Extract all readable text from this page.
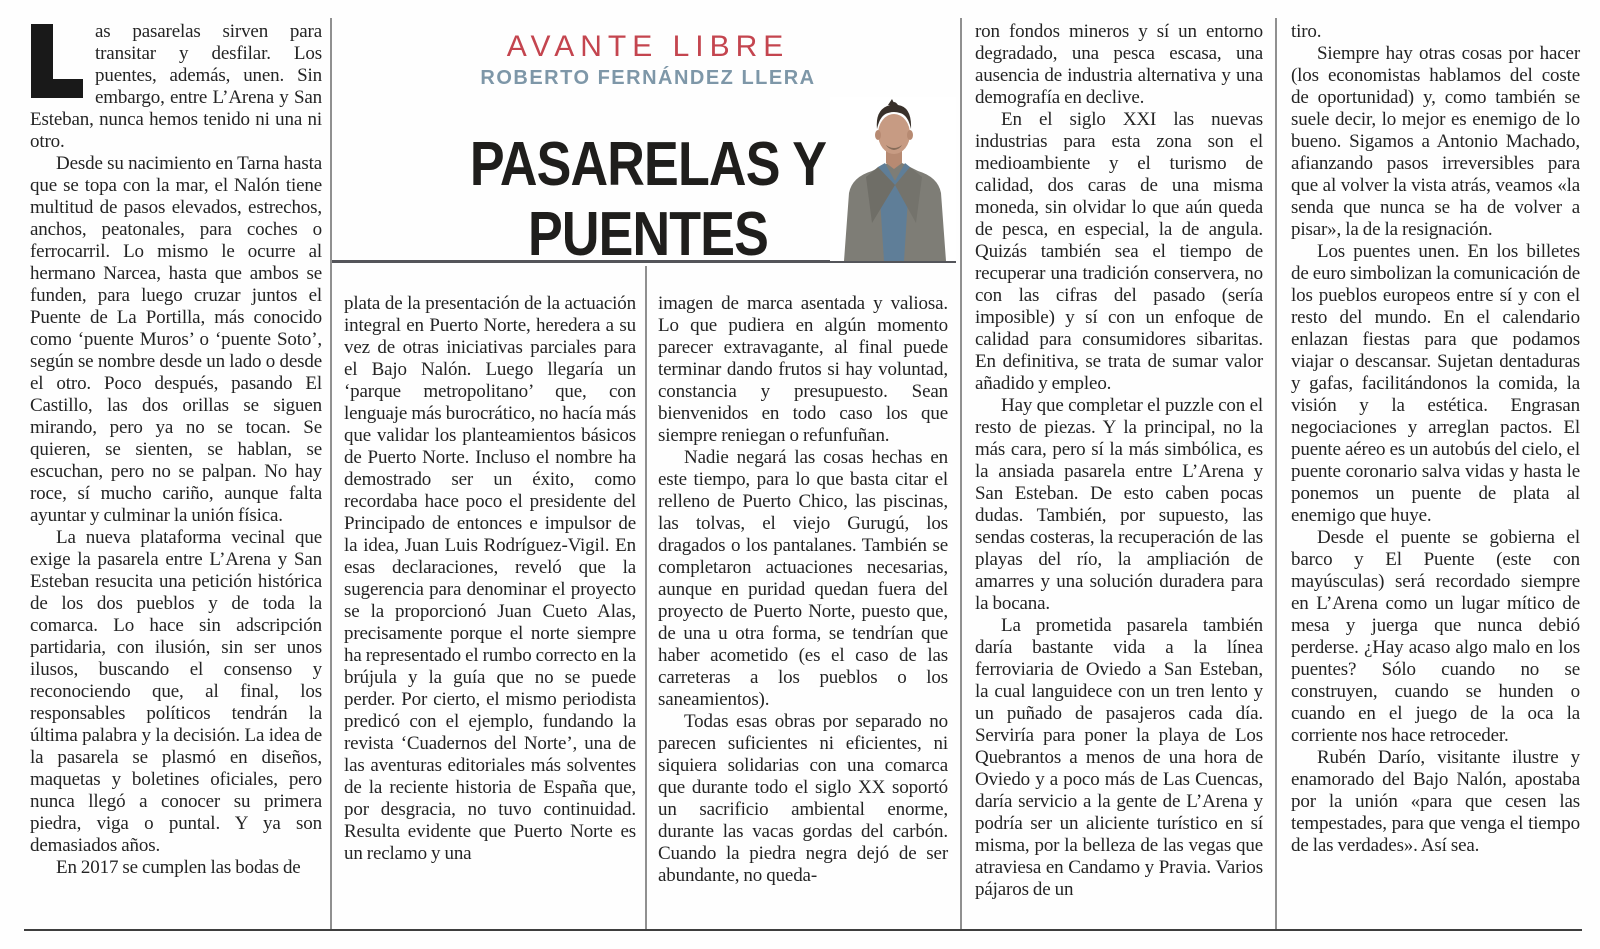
AVANTE LIBRE
ROBERTO FERNÁNDEZ LLERA
PASARELAS Y
PUENTES

as pasarelas sirven para transitar y desfilar. Los puentes, además, unen. Sin embargo, entre L’Arena y San Esteban, nunca hemos tenido ni una ni otro.

Desde su nacimiento en Tarna hasta que se topa con la mar, el Nalón tiene multitud de pasos elevados, estrechos, anchos, peatonales, para coches o ferrocarril. Lo mismo le ocurre al hermano Narcea, hasta que ambos se funden, para luego cruzar juntos el Puente de La Portilla, más conocido como ‘puente Muros’ o ‘puente Soto’, según se nombre desde un lado o desde el otro. Poco después, pasando El Castillo, las dos orillas se siguen mirando, pero ya no se tocan. Se quieren, se sienten, se hablan, se escuchan, pero no se palpan. No hay roce, sí mucho cariño, aunque falta ayuntar y culminar la unión física.

La nueva plataforma vecinal que exige la pasarela entre L’Arena y San Esteban resucita una petición histórica de los dos pueblos y de toda la comarca. Lo hace sin adscripción partidaria, con ilusión, sin ser unos ilusos, buscando el consenso y reconociendo que, al final, los responsables políticos tendrán la última palabra y la decisión. La idea de la pasarela se plasmó en diseños, maquetas y boletines oficiales, pero nunca llegó a conocer su primera piedra, viga o puntal. Y ya son demasiados años.

En 2017 se cumplen las bodas de

plata de la presentación de la actuación integral en Puerto Norte, heredera a su vez de otras iniciativas parciales para el Bajo Nalón. Luego llegaría un ‘parque metropolitano’ que, con lenguaje más burocrático, no hacía más que validar los planteamientos básicos de Puerto Norte. Incluso el nombre ha demostrado ser un éxito, como recordaba hace poco el presidente del Principado de entonces e impulsor de la idea, Juan Luis Rodríguez-Vigil. En esas declaraciones, reveló que la sugerencia para denominar el proyecto se la proporcionó Juan Cueto Alas, precisamente porque el norte siempre ha representado el rumbo correcto en la brújula y la guía que no se puede perder. Por cierto, el mismo periodista predicó con el ejemplo, fundando la revista ‘Cuadernos del Norte’, una de las aventuras editoriales más solventes de la reciente historia de España que, por desgracia, no tuvo continuidad. Resulta evidente que Puerto Norte es un reclamo y una

imagen de marca asentada y valiosa. Lo que pudiera en algún momento parecer extravagante, al final puede terminar dando frutos si hay voluntad, constancia y presupuesto. Sean bienvenidos en todo caso los que siempre reniegan o refunfuñan.

Nadie negará las cosas hechas en este tiempo, para lo que basta citar el relleno de Puerto Chico, las piscinas, las tolvas, el viejo Gurugú, los dragados o los pantalanes. También se completaron actuaciones necesarias, aunque en puridad quedan fuera del proyecto de Puerto Norte, puesto que, de una u otra forma, se tendrían que haber acometido (es el caso de las carreteras a los pueblos o los saneamientos).

Todas esas obras por separado no parecen suficientes ni eficientes, ni siquiera solidarias con una comarca que durante todo el siglo XX soportó un sacrificio ambiental enorme, durante las vacas gordas del carbón. Cuando la piedra negra dejó de ser abundante, no queda-

ron fondos mineros y sí un entorno degradado, una pesca escasa, una ausencia de industria alternativa y una demografía en declive.

En el siglo XXI las nuevas industrias para esta zona son el medioambiente y el turismo de calidad, dos caras de una misma moneda, sin olvidar lo que aún queda de pesca, en especial, la de angula. Quizás también sea el tiempo de recuperar una tradición conservera, no con las cifras del pasado (sería imposible) y sí con un enfoque de calidad para consumidores sibaritas. En definitiva, se trata de sumar valor añadido y empleo.

Hay que completar el puzzle con el resto de piezas. Y la principal, no la más cara, pero sí la más simbólica, es la ansiada pasarela entre L’Arena y San Esteban. De esto caben pocas dudas. También, por supuesto, las sendas costeras, la recuperación de las playas del río, la ampliación de amarres y una solución duradera para la bocana.

La prometida pasarela también daría bastante vida a la línea ferroviaria de Oviedo a San Esteban, la cual languidece con un tren lento y un puñado de pasajeros cada día. Serviría para poner la playa de Los Quebrantos a menos de una hora de Oviedo y a poco más de Las Cuencas, daría servicio a la gente de L’Arena y podría ser un aliciente turístico en sí misma, por la belleza de las vegas que atraviesa en Candamo y Pravia. Varios pájaros de un

tiro.

Siempre hay otras cosas por hacer (los economistas hablamos del coste de oportunidad) y, como también se suele decir, lo mejor es enemigo de lo bueno. Sigamos a Antonio Machado, afianzando pasos irreversibles para que al volver la vista atrás, veamos «la senda que nunca se ha de volver a pisar», la de la resignación.

Los puentes unen. En los billetes de euro simbolizan la comunicación de los pueblos europeos entre sí y con el resto del mundo. En el calendario enlazan fiestas para que podamos viajar o descansar. Sujetan dentaduras y gafas, facilitándonos la comida, la visión y la estética. Engrasan negociaciones y arreglan pactos. El puente aéreo es un autobús del cielo, el puente coronario salva vidas y hasta le ponemos un puente de plata al enemigo que huye.

Desde el puente se gobierna el barco y El Puente (este con mayúsculas) será recordado siempre en L’Arena como un lugar mítico de mesa y juerga que nunca debió perderse. ¿Hay acaso algo malo en los puentes? Sólo cuando no se construyen, cuando se hunden o cuando en el juego de la oca la corriente nos hace retroceder.

Rubén Darío, visitante ilustre y enamorado del Bajo Nalón, apostaba por la unión «para que cesen las tempestades, para que venga el tiempo de las verdades». Así sea.
